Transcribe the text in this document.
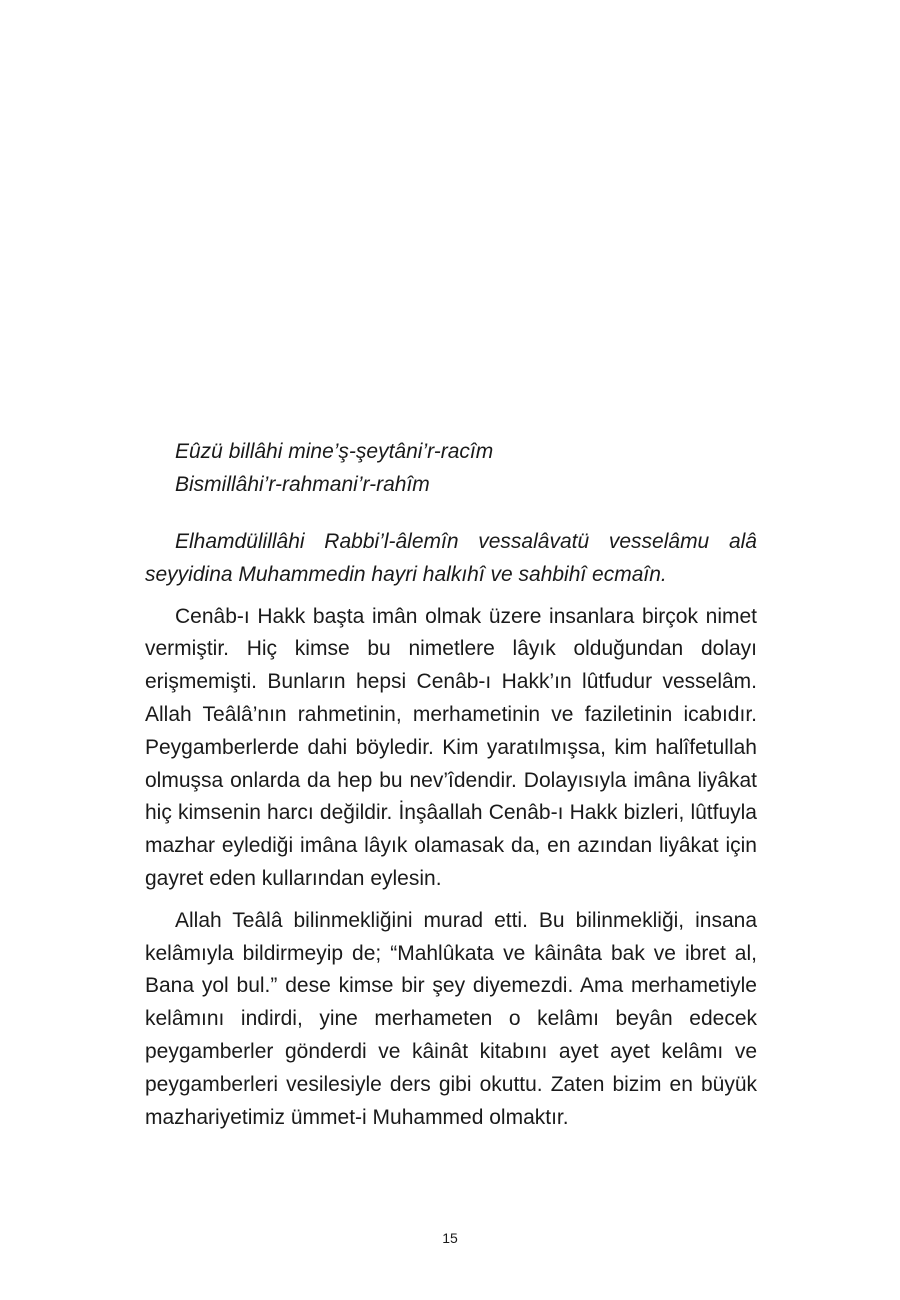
Eûzü billâhi mine’ş-şeytâni’r-racîm
Bismillâhi’r-rahmani’r-rahîm

Elhamdülillâhi Rabbi’l-âlemîn vessalâvatü vesselâmu alâ seyyidina Muhammedin hayri halkıhî ve sahbihî ecmaîn.

Cenâb-ı Hakk başta imân olmak üzere insanlara birçok nimet vermiştir. Hiç kimse bu nimetlere lâyık olduğundan dolayı erişmemişti. Bunların hepsi Cenâb-ı Hakk’ın lûtfudur vesselâm. Allah Teâlâ’nın rahmetinin, merhametinin ve faziletinin icabıdır. Peygamberlerde dahi böyledir. Kim yaratılmışsa, kim halîfetullah olmuşsa onlarda da hep bu nev’îdendir. Dolayısıyla imâna liyâkat hiç kimsenin harcı değildir. İnşâallah Cenâb-ı Hakk bizleri, lûtfuyla mazhar eylediği imâna lâyık olamasak da, en azından liyâkat için gayret eden kullarından eylesin.

Allah Teâlâ bilinmekliğini murad etti. Bu bilinmekliği, insana kelâmıyla bildirmeyip de; “Mahlûkata ve kâinâta bak ve ibret al, Bana yol bul.” dese kimse bir şey diyemezdi. Ama merhametiyle kelâmını indirdi, yine merhameten o kelâmı beyân edecek peygamberler gönderdi ve kâinât kitabını ayet ayet kelâmı ve peygamberleri vesilesiyle ders gibi okuttu. Zaten bizim en büyük mazhariyetimiz ümmet-i Muhammed olmaktır.

15
